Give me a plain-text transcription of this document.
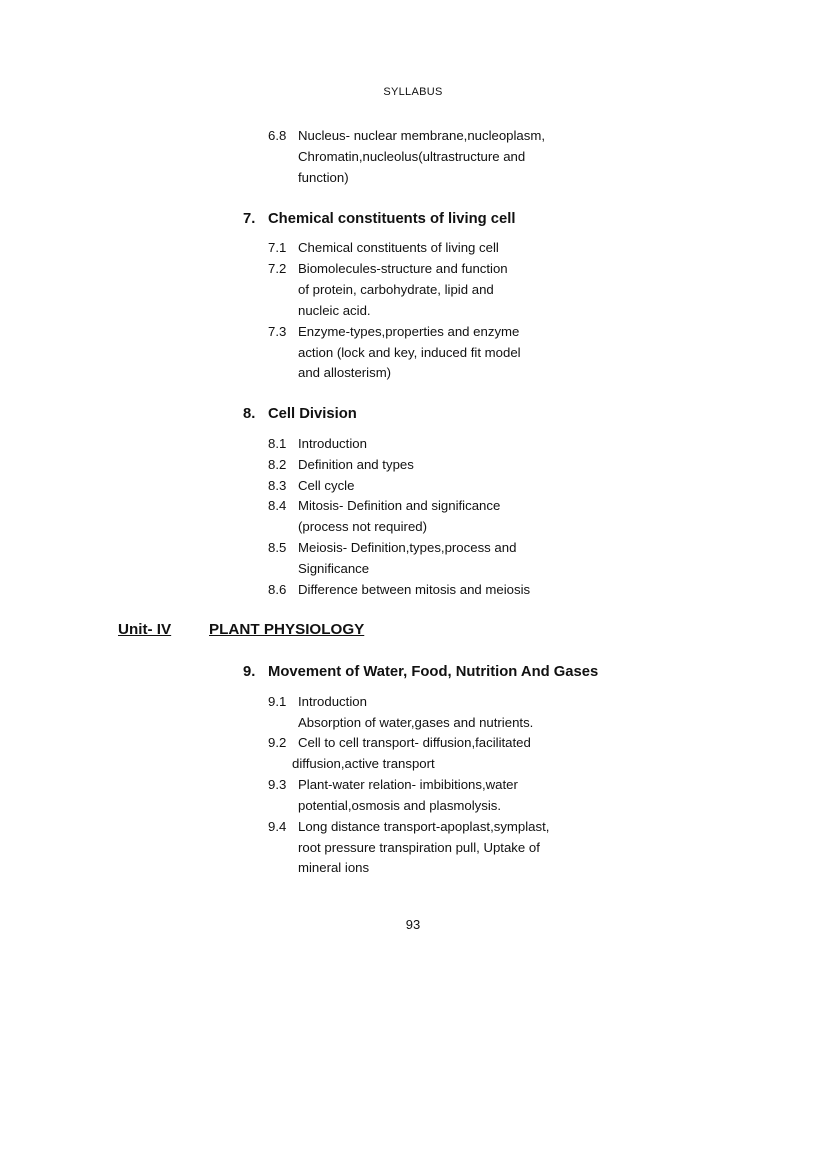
SYLLABUS
6.8 Nucleus- nuclear membrane,nucleoplasm,
Chromatin,nucleolus(ultrastructure and
function)
7. Chemical constituents of living cell
7.1 Chemical constituents of living cell
7.2 Biomolecules-structure and function
of protein, carbohydrate, lipid and
nucleic acid.
7.3 Enzyme-types,properties and enzyme
action (lock and key, induced fit model
and allosterism)
8. Cell Division
8.1 Introduction
8.2 Definition and types
8.3 Cell cycle
8.4 Mitosis- Definition and significance
(process not required)
8.5 Meiosis- Definition,types,process and
Significance
8.6 Difference between mitosis and meiosis
Unit- IV PLANT PHYSIOLOGY
9. Movement of Water, Food, Nutrition And Gases
9.1 Introduction
Absorption of water,gases and nutrients.
9.2 Cell to cell transport- diffusion,facilitated
diffusion,active transport
9.3 Plant-water relation- imbibitions,water
potential,osmosis and plasmolysis.
9.4 Long distance transport-apoplast,symplast,
root pressure transpiration pull, Uptake of
mineral ions
93
